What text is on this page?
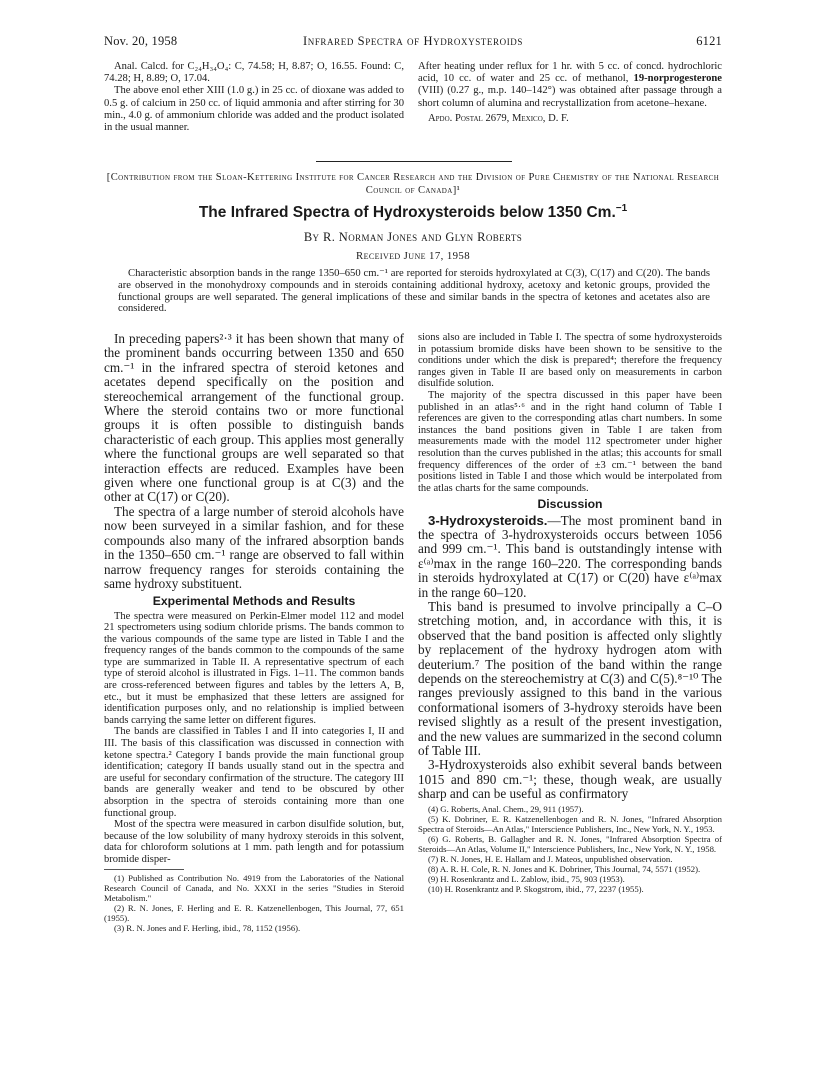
Nov. 20, 1958	Infrared Spectra of Hydroxysteroids	6121

Anal. Calcd. for C₂₄H₃₄O₄: C, 74.58; H, 8.87; O, 16.55. Found: C, 74.28; H, 8.89; O, 17.04.

The above enol ether XIII (1.0 g.) in 25 cc. of dioxane was added to 0.5 g. of calcium in 250 cc. of liquid ammonia and after stirring for 30 min., 4.0 g. of ammonium chloride was added and the product isolated in the usual manner.

After heating under reflux for 1 hr. with 5 cc. of concd. hydrochloric acid, 10 cc. of water and 25 cc. of methanol, 19-norprogesterone (VIII) (0.27 g., m.p. 140–142°) was obtained after passage through a short column of alumina and recrystallization from acetone–hexane.

Apdo. Postal 2679, Mexico, D. F.

[Contribution from the Sloan-Kettering Institute for Cancer Research and the Division of Pure Chemistry of the National Research Council of Canada]¹
The Infrared Spectra of Hydroxysteroids below 1350 Cm.$^{-1}$
By R. Norman Jones and Glyn Roberts
Received June 17, 1958

Characteristic absorption bands in the range 1350–650 cm.⁻¹ are reported for steroids hydroxylated at C(3), C(17) and C(20). The bands are observed in the monohydroxy compounds and in steroids containing additional hydroxy, acetoxy and ketonic groups, provided the functional groups are well separated. The general implications of these and similar bands in the spectra of ketones and acetates also are considered.

In preceding papers²·³ it has been shown that many of the prominent bands occurring between 1350 and 650 cm.⁻¹ in the infrared spectra of steroid ketones and acetates depend specifically on the position and stereochemical arrangement of the functional group. Where the steroid contains two or more functional groups it is often possible to distinguish bands characteristic of each group. This applies most generally where the functional groups are well separated so that interaction effects are reduced. Examples have been given where one functional group is at C(3) and the other at C(17) or C(20).

The spectra of a large number of steroid alcohols have now been surveyed in a similar fashion, and for these compounds also many of the infrared absorption bands in the 1350–650 cm.⁻¹ range are observed to fall within narrow frequency ranges for steroids containing the same hydroxy substituent.

Experimental Methods and Results

The spectra were measured on Perkin-Elmer model 112 and model 21 spectrometers using sodium chloride prisms. The bands common to the various compounds of the same type are listed in Table I and the frequency ranges of the bands common to the compounds of the same type are summarized in Table II. A representative spectrum of each type of steroid alcohol is illustrated in Figs. 1–11. The common bands are cross-referenced between figures and tables by the letters A, B, etc., but it must be emphasized that these letters are assigned for identification purposes only, and no relationship is implied between bands carrying the same letter on different figures.

The bands are classified in Tables I and II into categories I, II and III. The basis of this classification was discussed in connection with ketone spectra.² Category I bands provide the main functional group identification; category II bands usually stand out in the spectra and are useful for secondary confirmation of the structure. The category III bands are generally weaker and tend to be obscured by other absorption in the spectra of steroids containing more than one functional group.

Most of the spectra were measured in carbon disulfide solution, but, because of the low solubility of many hydroxy steroids in this solvent, data for chloroform solutions at 1 mm. path length and for potassium bromide disper-

(1) Published as Contribution No. 4919 from the Laboratories of the National Research Council of Canada, and No. XXXI in the series "Studies in Steroid Metabolism."

(2) R. N. Jones, F. Herling and E. R. Katzenellenbogen, This Journal, 77, 651 (1955).

(3) R. N. Jones and F. Herling, ibid., 78, 1152 (1956).

sions also are included in Table I. The spectra of some hydroxysteroids in potassium bromide disks have been shown to be sensitive to the conditions under which the disk is prepared⁴; therefore the frequency ranges given in Table II are based only on measurements in carbon disulfide solution.

The majority of the spectra discussed in this paper have been published in an atlas⁵·⁶ and in the right hand column of Table I references are given to the corresponding atlas chart numbers. In some instances the band positions given in Table I are taken from measurements made with the model 112 spectrometer under higher resolution than the curves published in the atlas; this accounts for small frequency differences of the order of ±3 cm.⁻¹ between the band positions listed in Table I and those which would be interpolated from the atlas charts for the same compounds.

Discussion

3-Hydroxysteroids.—The most prominent band in the spectra of 3-hydroxysteroids occurs between 1056 and 999 cm.⁻¹. This band is outstandingly intense with ε⁽ᵃ⁾max in the range 160–220. The corresponding bands in steroids hydroxylated at C(17) or C(20) have ε⁽ᵃ⁾max in the range 60–120.

This band is presumed to involve principally a C–O stretching motion, and, in accordance with this, it is observed that the band position is affected only slightly by replacement of the hydroxy hydrogen atom with deuterium.⁷ The position of the band within the range depends on the stereochemistry at C(3) and C(5).⁸⁻¹⁰ The ranges previously assigned to this band in the various conformational isomers of 3-hydroxy steroids have been revised slightly as a result of the present investigation, and the new values are summarized in the second column of Table III.

3-Hydroxysteroids also exhibit several bands between 1015 and 890 cm.⁻¹; these, though weak, are usually sharp and can be useful as confirmatory

(4) G. Roberts, Anal. Chem., 29, 911 (1957).

(5) K. Dobriner, E. R. Katzenellenbogen and R. N. Jones, "Infrared Absorption Spectra of Steroids—An Atlas," Interscience Publishers, Inc., New York, N. Y., 1953.

(6) G. Roberts, B. Gallagher and R. N. Jones, "Infrared Absorption Spectra of Steroids—An Atlas, Volume II," Interscience Publishers, Inc., New York, N. Y., 1958.

(7) R. N. Jones, H. E. Hallam and J. Mateos, unpublished observation.

(8) A. R. H. Cole, R. N. Jones and K. Dobriner, This Journal, 74, 5571 (1952).

(9) H. Rosenkrantz and L. Zablow, ibid., 75, 903 (1953).

(10) H. Rosenkrantz and P. Skogstrom, ibid., 77, 2237 (1955).
